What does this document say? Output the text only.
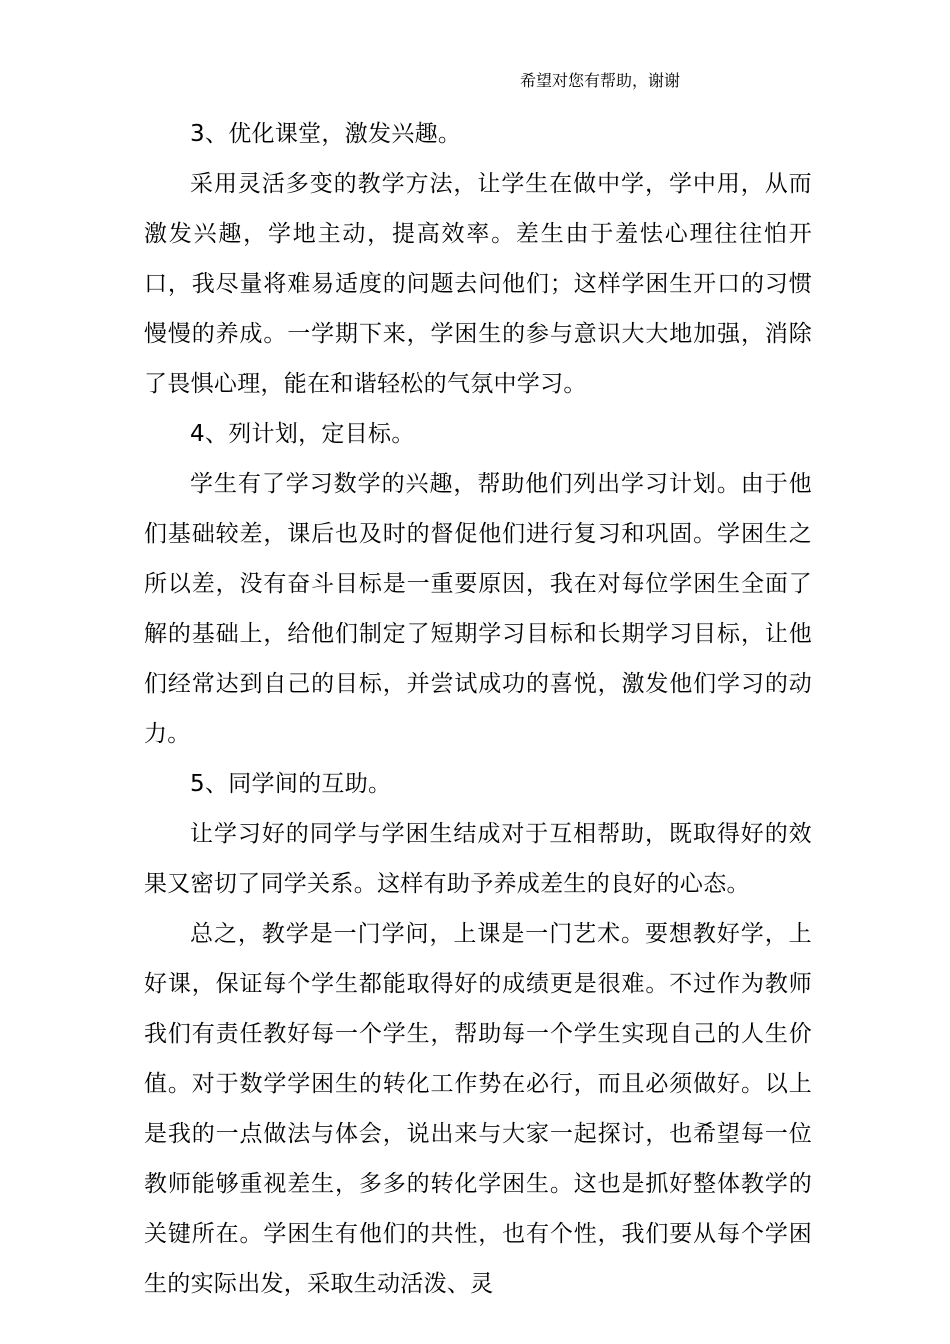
希望对您有帮助，谢谢

3、优化课堂，激发兴趣。

采用灵活多变的教学方法，让学生在做中学，学中用，从而激发兴趣，学地主动，提高效率。差生由于羞怯心理往往怕开口，我尽量将难易适度的问题去问他们；这样学困生开口的习惯慢慢的养成。一学期下来，学困生的参与意识大大地加强，消除了畏惧心理，能在和谐轻松的气氛中学习。

4、列计划，定目标。

学生有了学习数学的兴趣，帮助他们列出学习计划。由于他们基础较差，课后也及时的督促他们进行复习和巩固。学困生之所以差，没有奋斗目标是一重要原因，我在对每位学困生全面了解的基础上，给他们制定了短期学习目标和长期学习目标，让他们经常达到自己的目标，并尝试成功的喜悦，激发他们学习的动力。

5、同学间的互助。

让学习好的同学与学困生结成对于互相帮助，既取得好的效果又密切了同学关系。这样有助予养成差生的良好的心态。

总之，教学是一门学问，上课是一门艺术。要想教好学，上好课，保证每个学生都能取得好的成绩更是很难。不过作为教师我们有责任教好每一个学生，帮助每一个学生实现自己的人生价值。对于数学学困生的转化工作势在必行，而且必须做好。以上是我的一点做法与体会，说出来与大家一起探讨，也希望每一位教师能够重视差生，多多的转化学困生。这也是抓好整体教学的关键所在。学困生有他们的共性，也有个性，我们要从每个学困生的实际出发，采取生动活泼、灵
